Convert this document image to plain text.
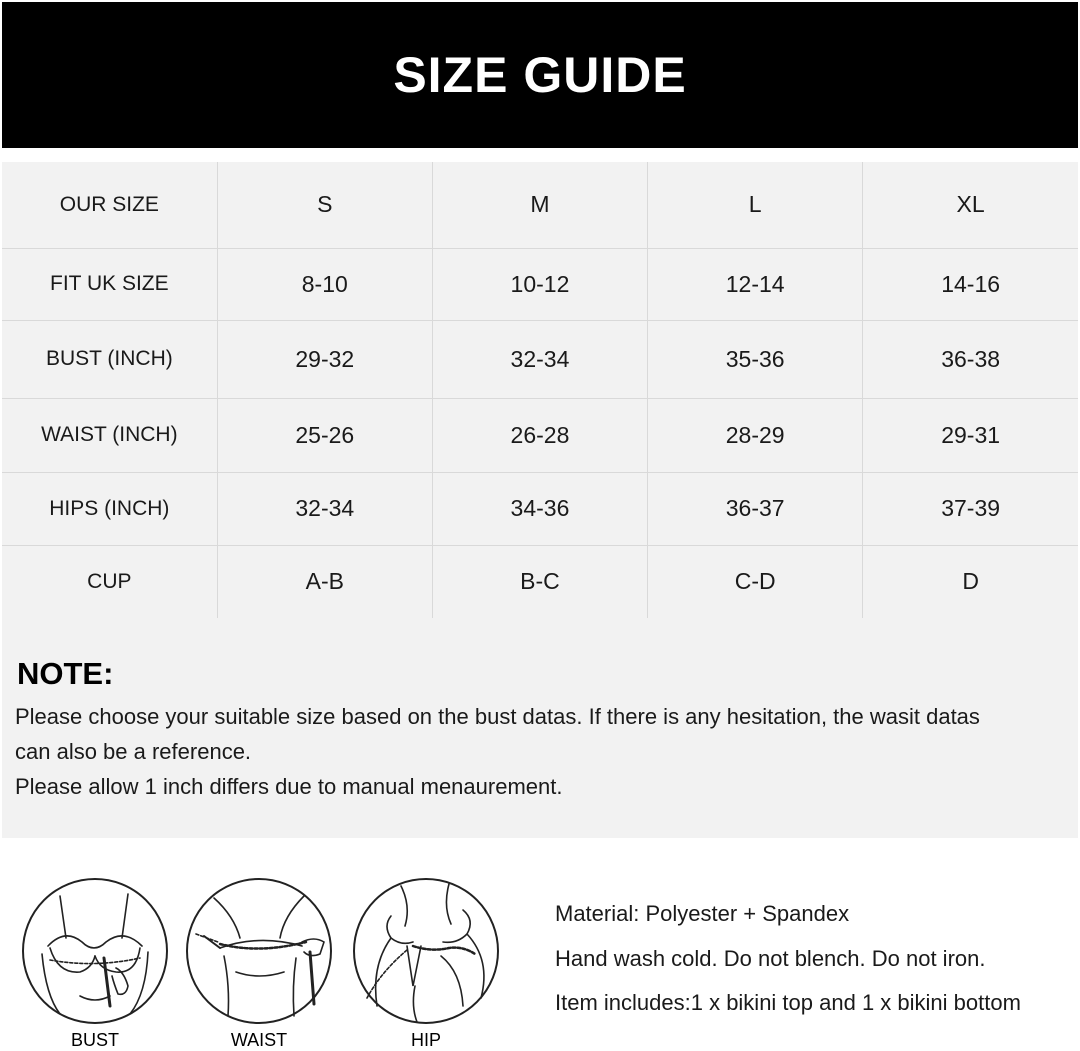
SIZE GUIDE
OUR SIZE	S	M	L	XL
FIT UK SIZE	8-10	10-12	12-14	14-16
BUST (INCH)	29-32	32-34	35-36	36-38
WAIST (INCH)	25-26	26-28	28-29	29-31
HIPS (INCH)	32-34	34-36	36-37	37-39
CUP	A-B	B-C	C-D	D
NOTE:

Please choose your suitable size based on the bust datas. If there is any hesitation, the wasit datas

can also be a reference.

Please allow 1 inch differs due to manual menaurement.

BUST	WAIST	HIP

Material: Polyester + Spandex

Hand wash cold. Do not blench. Do not iron.

Item includes:1 x bikini top and 1 x bikini bottom
